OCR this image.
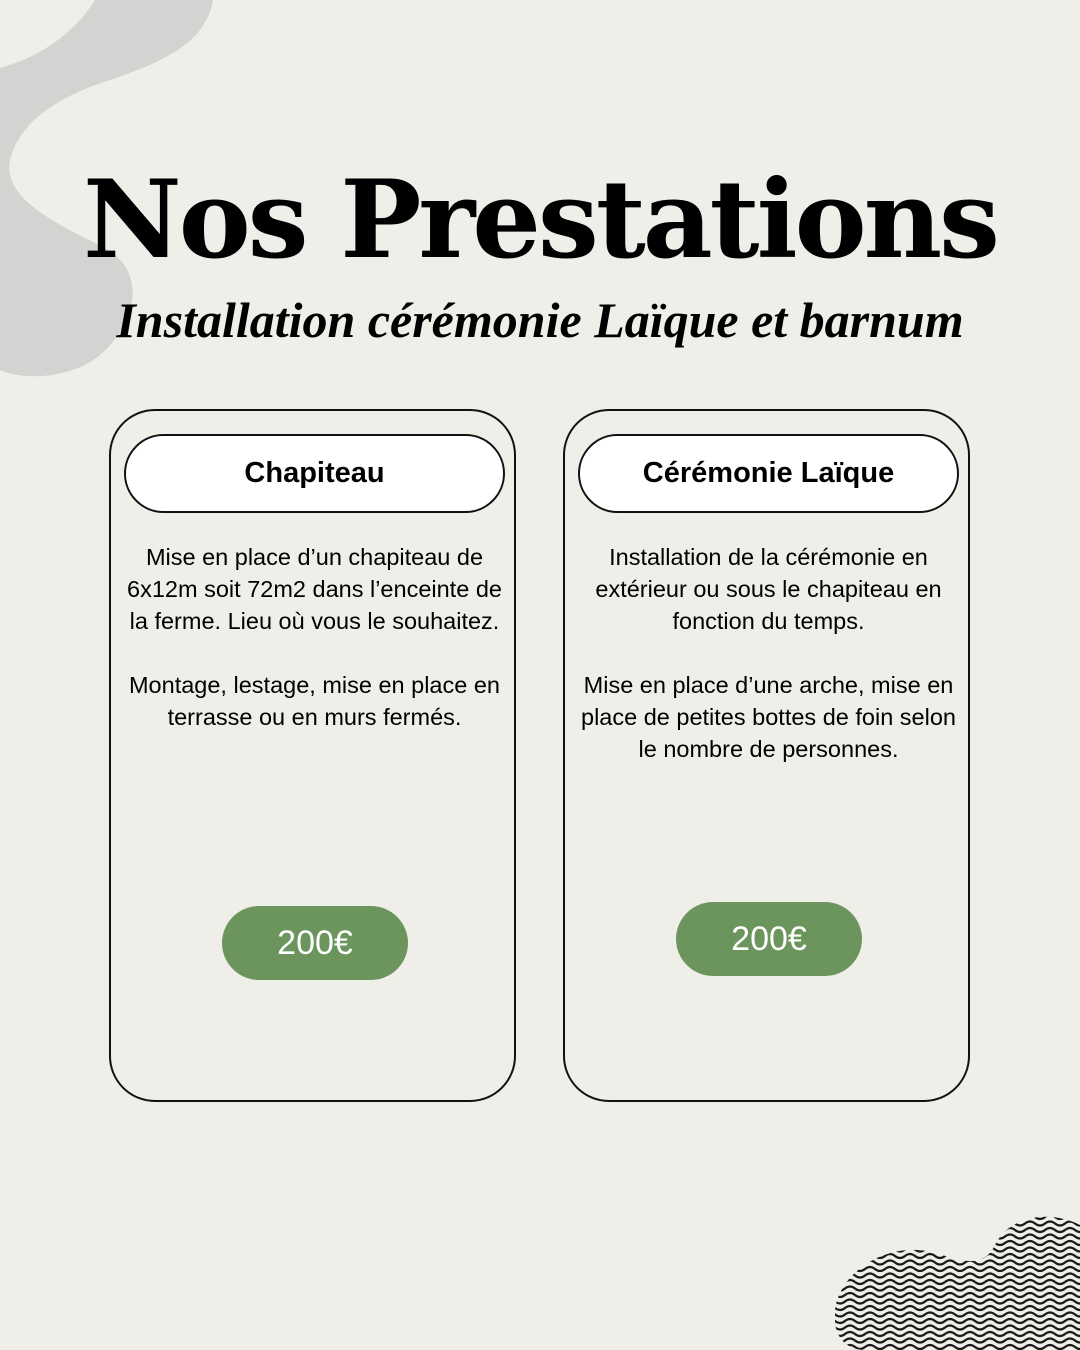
Nos Prestations
Installation cérémonie Laïque et barnum
Chapiteau

Mise en place d’un chapiteau de 6x12m soit 72m2 dans l’enceinte de la ferme. Lieu où vous le souhaitez.

Montage, lestage, mise en place en terrasse ou en murs fermés.

200€
Cérémonie Laïque

Installation de la cérémonie en extérieur ou sous le chapiteau en fonction du temps.

Mise en place d’une arche, mise en place de petites bottes de foin selon le nombre de personnes.

200€
